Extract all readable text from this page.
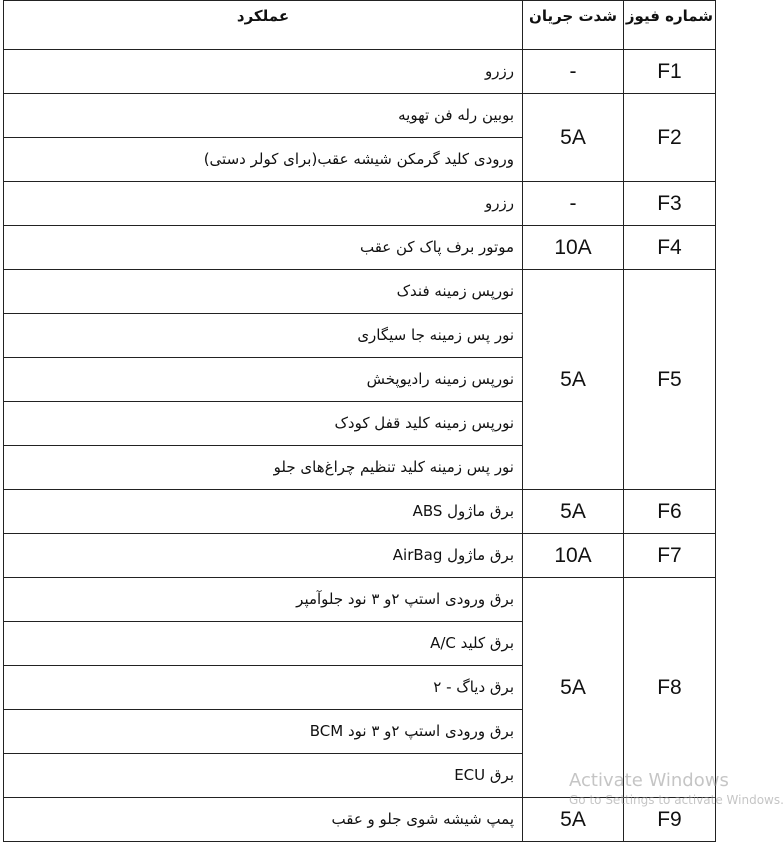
شماره فیوز	شدت جریان	عملکرد
F1	-	رزرو

F2	5A	بوبین رله فن تهویه
ورودی کلید گرمکن شیشه عقب(برای کولر دستی)

F3	-	رزرو

F4	10A	موتور برف پاک کن عقب

F5	5A	نورپس زمینه فندک
نور پس زمینه جا سیگاری
نورپس زمینه رادیوپخش
نورپس زمینه کلید قفل کودک
نور پس زمینه کلید تنظیم چراغ‌های جلو

F6	5A	برق ماژول ABS

F7	10A	برق ماژول AirBag

F8	5A	برق ورودی استپ ۲و ۳ نود جلوآمپر
برق کلید A/C
برق دیاگ - ۲
برق ورودی استپ ۲و ۳ نود BCM
برق ECU

F9	5A	پمپ شیشه شوی جلو و عقب
Activate Windows
Go to Settings to activate Windows.
